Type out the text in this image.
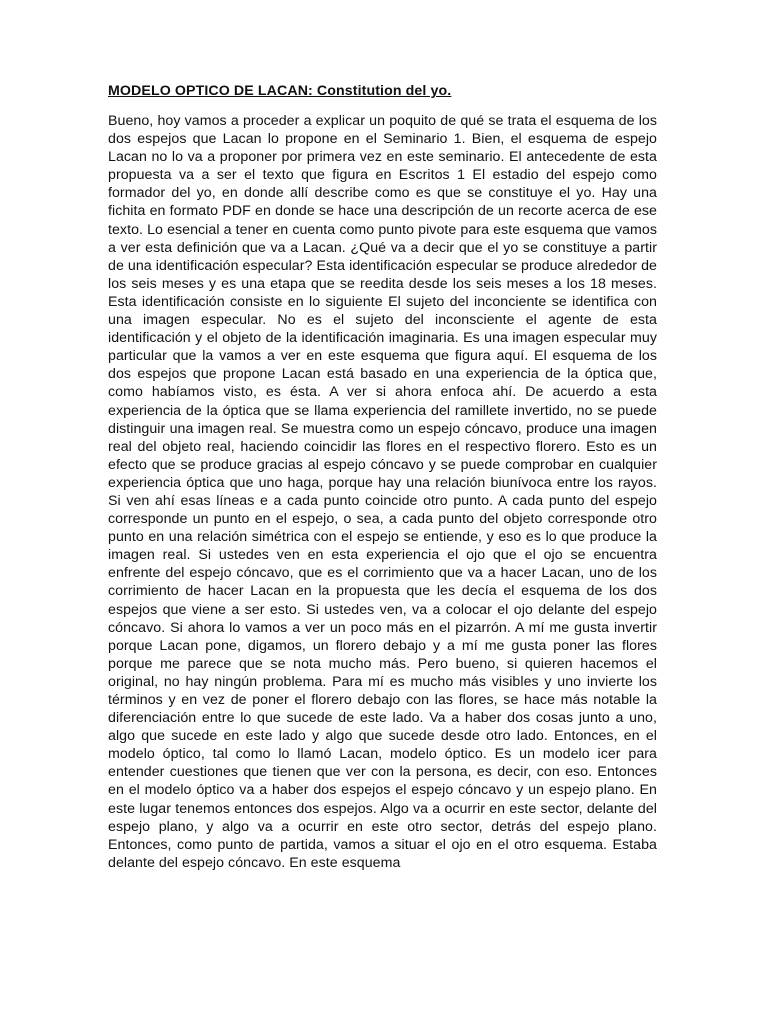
MODELO OPTICO DE LACAN: Constitution del yo.

Bueno, hoy vamos a proceder a explicar un poquito de qué se trata el esquema de los dos espejos que Lacan lo propone en el Seminario 1. Bien, el esquema de espejo Lacan no lo va a proponer por primera vez en este seminario. El antecedente de esta propuesta va a ser el texto que figura en Escritos 1 El estadio del espejo como formador del yo, en donde allí describe como es que se constituye el yo. Hay una fichita en formato PDF en donde se hace una descripción de un recorte acerca de ese texto. Lo esencial a tener en cuenta como punto pivote para este esquema que vamos a ver esta definición que va a Lacan. ¿Qué va a decir que el yo se constituye a partir de una identificación especular? Esta identificación especular se produce alrededor de los seis meses y es una etapa que se reedita desde los seis meses a los 18 meses. Esta identificación consiste en lo siguiente El sujeto del inconciente se identifica con una imagen especular. No es el sujeto del inconsciente el agente de esta identificación y el objeto de la identificación imaginaria. Es una imagen especular muy particular que la vamos a ver en este esquema que figura aquí. El esquema de los dos espejos que propone Lacan está basado en una experiencia de la óptica que, como habíamos visto, es ésta. A ver si ahora enfoca ahí. De acuerdo a esta experiencia de la óptica que se llama experiencia del ramillete invertido, no se puede distinguir una imagen real. Se muestra como un espejo cóncavo, produce una imagen real del objeto real, haciendo coincidir las flores en el respectivo florero. Esto es un efecto que se produce gracias al espejo cóncavo y se puede comprobar en cualquier experiencia óptica que uno haga, porque hay una relación biunívoca entre los rayos. Si ven ahí esas líneas e a cada punto coincide otro punto. A cada punto del espejo corresponde un punto en el espejo, o sea, a cada punto del objeto corresponde otro punto en una relación simétrica con el espejo se entiende, y eso es lo que produce la imagen real. Si ustedes ven en esta experiencia el ojo que el ojo se encuentra enfrente del espejo cóncavo, que es el corrimiento que va a hacer Lacan, uno de los corrimiento de hacer Lacan en la propuesta que les decía el esquema de los dos espejos que viene a ser esto. Si ustedes ven, va a colocar el ojo delante del espejo cóncavo. Si ahora lo vamos a ver un poco más en el pizarrón. A mí me gusta invertir porque Lacan pone, digamos, un florero debajo y a mí me gusta poner las flores porque me parece que se nota mucho más. Pero bueno, si quieren hacemos el original, no hay ningún problema. Para mí es mucho más visibles y uno invierte los términos y en vez de poner el florero debajo con las flores, se hace más notable la diferenciación entre lo que sucede de este lado. Va a haber dos cosas junto a uno, algo que sucede en este lado y algo que sucede desde otro lado. Entonces, en el modelo óptico, tal como lo llamó Lacan, modelo óptico. Es un modelo icer para entender cuestiones que tienen que ver con la persona, es decir, con eso. Entonces en el modelo óptico va a haber dos espejos el espejo cóncavo y un espejo plano. En este lugar tenemos entonces dos espejos. Algo va a ocurrir en este sector, delante del espejo plano, y algo va a ocurrir en este otro sector, detrás del espejo plano. Entonces, como punto de partida, vamos a situar el ojo en el otro esquema. Estaba delante del espejo cóncavo. En este esquema
